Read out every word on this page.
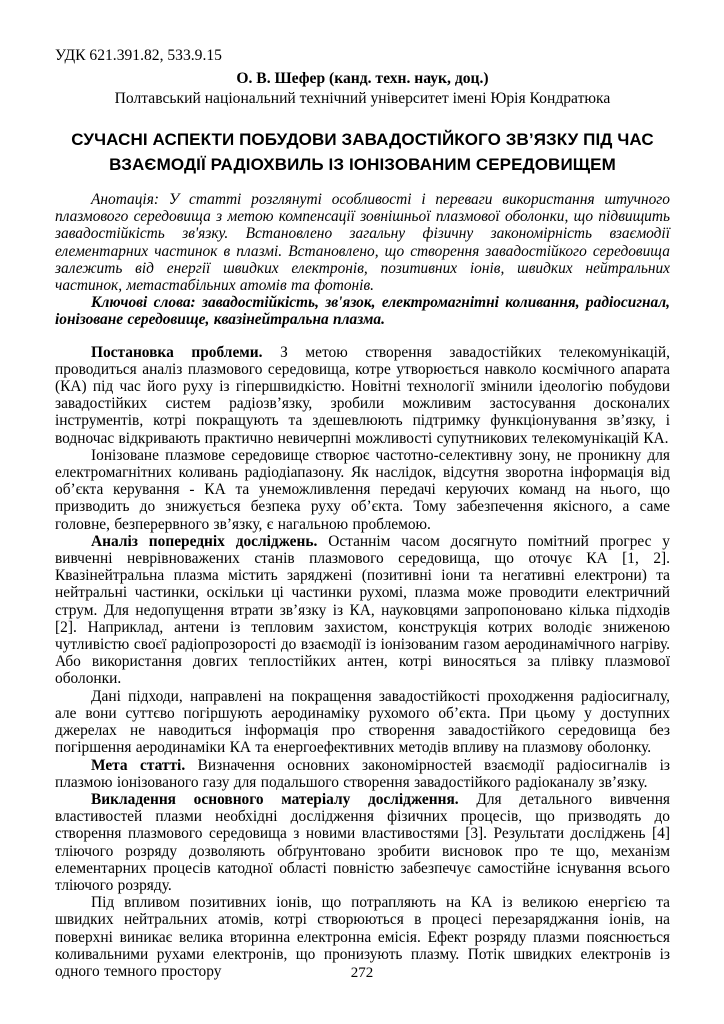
УДК 621.391.82, 533.9.15
О. В. Шефер (канд. техн. наук, доц.)
Полтавський національний технічний університет імені Юрія Кондратюка
СУЧАСНІ АСПЕКТИ ПОБУДОВИ ЗАВАДОСТІЙКОГО ЗВ’ЯЗКУ ПІД ЧАС ВЗАЄМОДІЇ РАДІОХВИЛЬ ІЗ ІОНІЗОВАНИМ СЕРЕДОВИЩЕМ

Анотація: У статті розглянуті особливості і переваги використання штучного плазмового середовища з метою компенсації зовнішньої плазмової оболонки, що підвищить завадостійкість зв'язку. Встановлено загальну фізичну закономірність взаємодії елементарних частинок в плазмі. Встановлено, що створення завадостійкого середовища залежить від енергії швидких електронів, позитивних іонів, швидких нейтральних частинок, метастабільних атомів та фотонів.

Ключові слова: завадостійкість, зв'язок, електромагнітні коливання, радіосигнал, іонізоване середовище, квазінейтральна плазма.

Постановка проблеми. З метою створення завадостійких телекомунікацій, проводиться аналіз плазмового середовища, котре утворюється навколо космічного апарата (КА) під час його руху із гіпершвидкістю. Новітні технології змінили ідеологію побудови завадостійких систем радіозв’язку, зробили можливим застосування досконалих інструментів, котрі покращують та здешевлюють підтримку функціонування зв’язку, і водночас відкривають практично невичерпні можливості супутникових телекомунікацій КА.

Іонізоване плазмове середовище створює частотно-селективну зону, не проникну для електромагнітних коливань радіодіапазону. Як наслідок, відсутня зворотна інформація від об’єкта керування - КА та унеможливлення передачі керуючих команд на нього, що призводить до знижується безпека руху об’єкта. Тому забезпечення якісного, а саме головне, безперервного зв’язку, є нагальною проблемою.

Аналіз попередніх досліджень. Останнім часом досягнуто помітний прогрес у вивченні неврівноважених станів плазмового середовища, що оточує КА [1, 2]. Квазінейтральна плазма містить заряджені (позитивні іони та негативні електрони) та нейтральні частинки, оскільки ці частинки рухомі, плазма може проводити електричний струм. Для недопущення втрати зв’язку із КА, науковцями запропоновано кілька підходів [2]. Наприклад, антени із тепловим захистом, конструкція котрих володіє зниженою чутливістю своєї радіопрозорості до взаємодії із іонізованим газом аеродинамічного нагріву. Або використання довгих теплостійких антен, котрі виносяться за плівку плазмової оболонки.

Дані підходи, направлені на покращення завадостійкості проходження радіосигналу, але вони суттєво погіршують аеродинаміку рухомого об’єкта. При цьому у доступних джерелах не наводиться інформація про створення завадостійкого середовища без погіршення аеродинаміки КА та енергоефективних методів впливу на плазмову оболонку.

Мета статті. Визначення основних закономірностей взаємодії радіосигналів із плазмою іонізованого газу для подальшого створення завадостійкого радіоканалу зв’язку.

Викладення основного матеріалу дослідження. Для детального вивчення властивостей плазми необхідні дослідження фізичних процесів, що призводять до створення плазмового середовища з новими властивостями [3]. Результати досліджень [4] тліючого розряду дозволяють обґрунтовано зробити висновок про те що, механізм елементарних процесів катодної області повністю забезпечує самостійне існування всього тліючого розряду.

Під впливом позитивних іонів, що потрапляють на КА із великою енергією та швидких нейтральних атомів, котрі створюються в процесі перезаряджання іонів, на поверхні виникає велика вторинна електронна емісія. Ефект розряду плазми пояснюється коливальними рухами електронів, що пронизують плазму. Потік швидких електронів із одного темного простору	272
